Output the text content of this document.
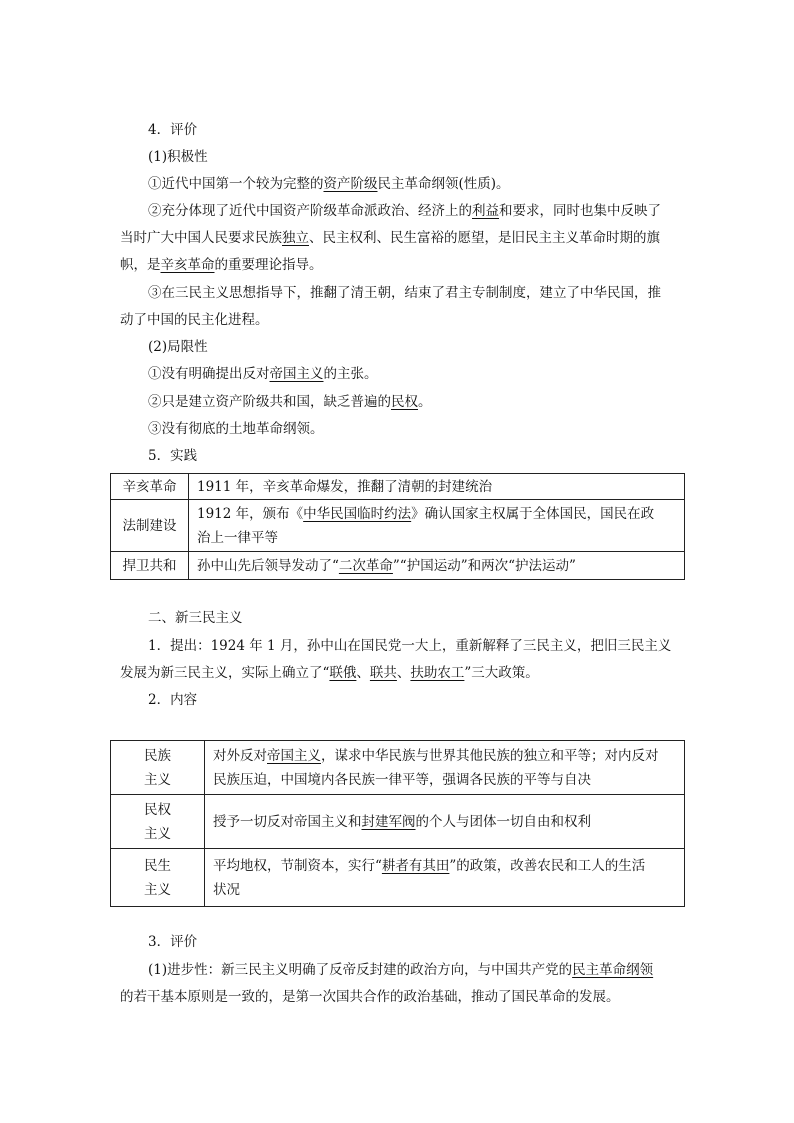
4．评价
(1)积极性
①近代中国第一个较为完整的资产阶级民主革命纲领(性质)。
②充分体现了近代中国资产阶级革命派政治、经济上的利益和要求，同时也集中反映了
当时广大中国人民要求民族独立、民主权利、民生富裕的愿望，是旧民主主义革命时期的旗
帜，是辛亥革命的重要理论指导。
③在三民主义思想指导下，推翻了清王朝，结束了君主专制制度，建立了中华民国，推
动了中国的民主化进程。
(2)局限性
①没有明确提出反对帝国主义的主张。
②只是建立资产阶级共和国，缺乏普遍的民权。
③没有彻底的土地革命纲领。
5．实践
辛亥革命	1911 年，辛亥革命爆发，推翻了清朝的封建统治
法制建设	1912 年，颁布《中华民国临时约法》确认国家主权属于全体国民，国民在政
治上一律平等
捍卫共和	孙中山先后领导发动了“二次革命”“护国运动”和两次“护法运动”
二、新三民主义
1．提出：1924 年 1 月，孙中山在国民党一大上，重新解释了三民主义，把旧三民主义
发展为新三民主义，实际上确立了“联俄、联共、扶助农工”三大政策。
2．内容
民族
主义	对外反对帝国主义，谋求中华民族与世界其他民族的独立和平等；对内反对
民族压迫，中国境内各民族一律平等，强调各民族的平等与自决
民权
主义	授予一切反对帝国主义和封建军阀的个人与团体一切自由和权利
民生
主义	平均地权，节制资本，实行“耕者有其田”的政策，改善农民和工人的生活
状况
3．评价
(1)进步性：新三民主义明确了反帝反封建的政治方向，与中国共产党的民主革命纲领
的若干基本原则是一致的，是第一次国共合作的政治基础，推动了国民革命的发展。
